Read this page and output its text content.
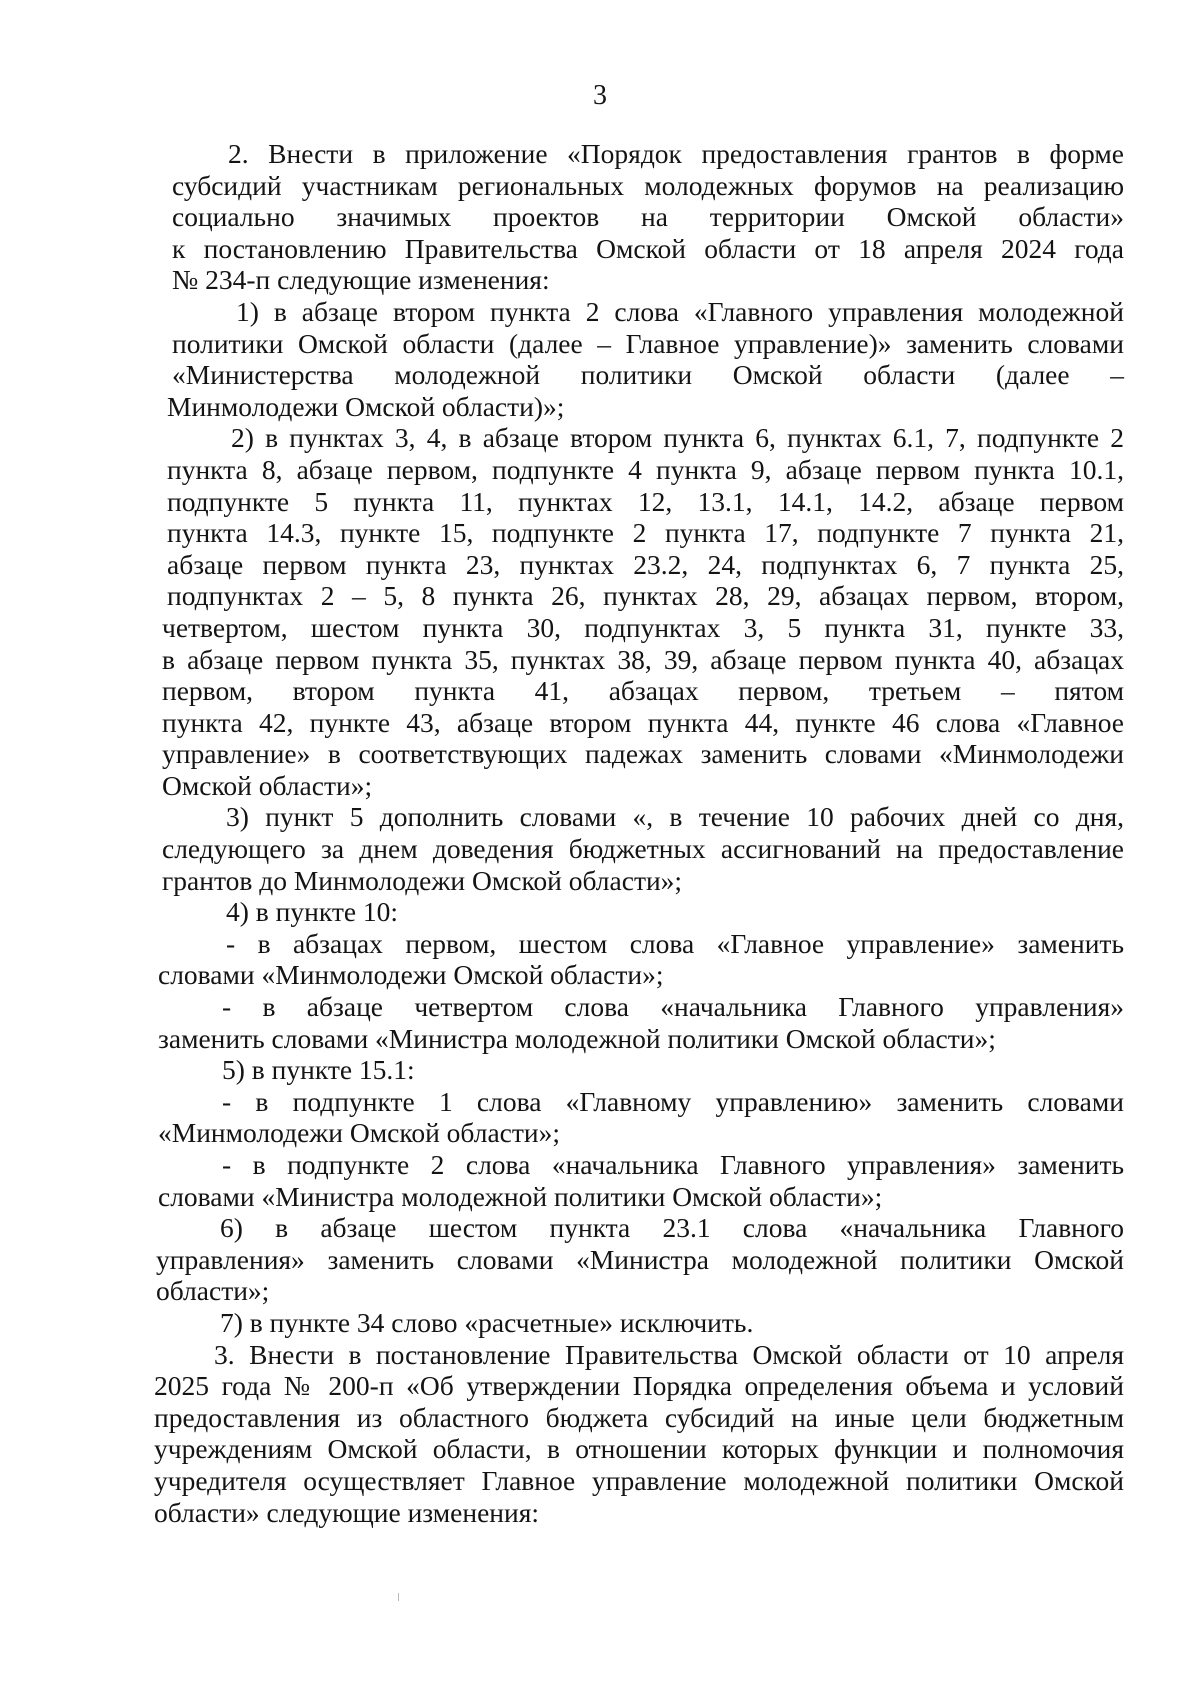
3
2. Внести в приложение «Порядок предоставления грантов в форме
субсидий участникам региональных молодежных форумов на реализацию
социально значимых проектов на территории Омской области»
к постановлению Правительства Омской области от 18 апреля 2024 года
№ 234-п следующие изменения:
1) в абзаце втором пункта 2 слова «Главного управления молодежной
политики Омской области (далее – Главное управление)» заменить словами
«Министерства молодежной политики Омской области (далее –
Минмолодежи Омской области)»;
2) в пунктах 3, 4, в абзаце втором пункта 6, пунктах 6.1, 7, подпункте 2
пункта 8, абзаце первом, подпункте 4 пункта 9, абзаце первом пункта 10.1,
подпункте 5 пункта 11, пунктах 12, 13.1, 14.1, 14.2, абзаце первом
пункта 14.3, пункте 15, подпункте 2 пункта 17, подпункте 7 пункта 21,
абзаце первом пункта 23, пунктах 23.2, 24, подпунктах 6, 7 пункта 25,
подпунктах 2 – 5, 8 пункта 26, пунктах 28, 29, абзацах первом, втором,
четвертом, шестом пункта 30, подпунктах 3, 5 пункта 31, пункте 33,
в абзаце первом пункта 35, пунктах 38, 39, абзаце первом пункта 40, абзацах
первом, втором пункта 41, абзацах первом, третьем – пятом
пункта 42, пункте 43, абзаце втором пункта 44, пункте 46 слова «Главное
управление» в соответствующих падежах заменить словами «Минмолодежи
Омской области»;
3) пункт 5 дополнить словами «, в течение 10 рабочих дней со дня,
следующего за днем доведения бюджетных ассигнований на предоставление
грантов до Минмолодежи Омской области»;
4) в пункте 10:
- в абзацах первом, шестом слова «Главное управление» заменить
словами «Минмолодежи Омской области»;
- в абзаце четвертом слова «начальника Главного управления»
заменить словами «Министра молодежной политики Омской области»;
5) в пункте 15.1:
- в подпункте 1 слова «Главному управлению» заменить словами
«Минмолодежи Омской области»;
- в подпункте 2 слова «начальника Главного управления» заменить
словами «Министра молодежной политики Омской области»;
6) в абзаце шестом пункта 23.1 слова «начальника Главного
управления» заменить словами «Министра молодежной политики Омской
области»;
7) в пункте 34 слово «расчетные» исключить.
3. Внести в постановление Правительства Омской области от 10 апреля
2025 года № 200-п «Об утверждении Порядка определения объема и условий
предоставления из областного бюджета субсидий на иные цели бюджетным
учреждениям Омской области, в отношении которых функции и полномочия
учредителя осуществляет Главное управление молодежной политики Омской
области» следующие изменения:
